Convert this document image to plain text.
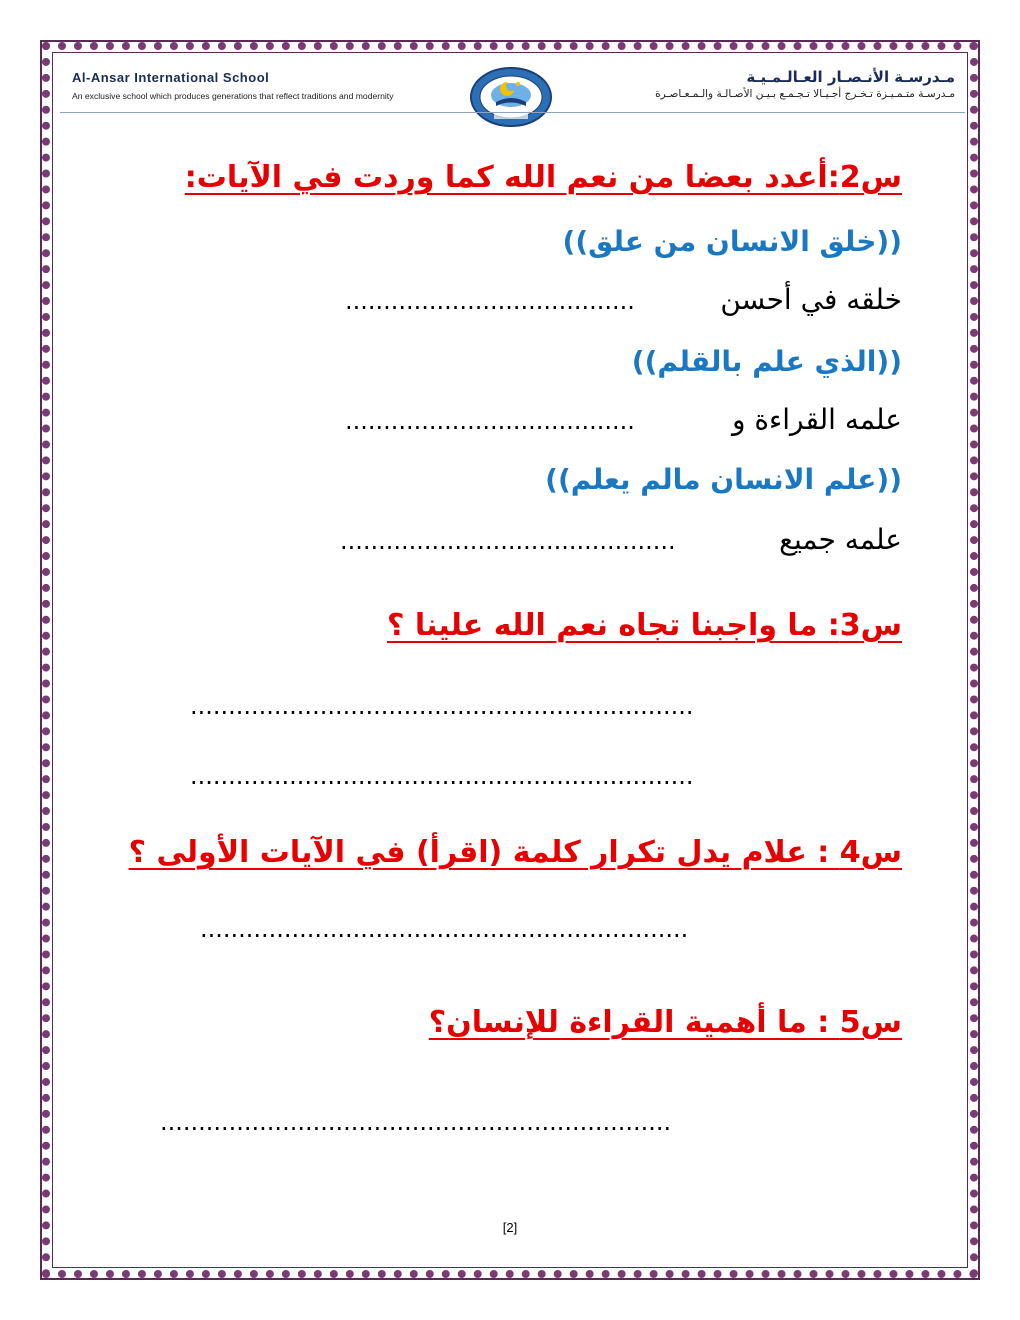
Al-Ansar International School
An exclusive school which produces generations that reflect traditions and modernity
مـدرسـة الأنـصـار العـالـمـيـة
مـدرسـة متـمـيـزة تـخـرج أجـيـالا تـجـمـع بـيـن الأصـالـة والـمـعـاصـرة
س2:أعدد بعضا من نعم الله كما وردت في الآيات:
((خلق الانسان من علق))
خلقه في أحسن
......................................
((الذي علم بالقلم))
علمه القراءة و
......................................
((علم الانسان مالم يعلم))
علمه جميع
............................................
س3: ما واجبنا تجاه نعم الله علينا ؟
..................................................................
..................................................................
س4 : علام يدل تكرار كلمة (اقرأ) في الآيات الأولى ؟
................................................................
س5 : ما أهمية القراءة للإنسان؟
...................................................................
[2]
